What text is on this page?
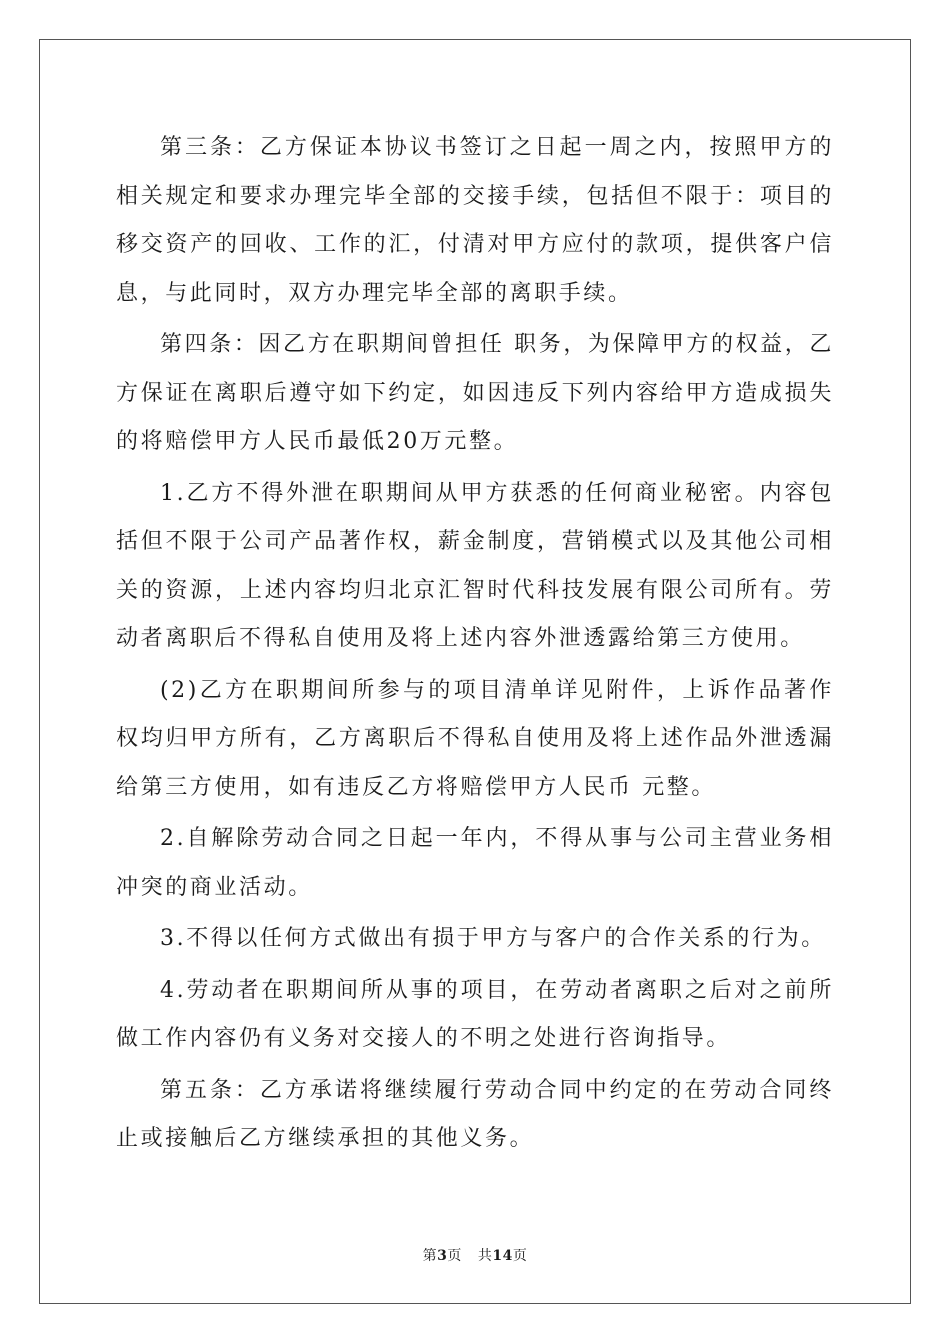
第三条：乙方保证本协议书签订之日起一周之内，按照甲方的相关规定和要求办理完毕全部的交接手续，包括但不限于：项目的移交资产的回收、工作的汇，付清对甲方应付的款项，提供客户信息，与此同时，双方办理完毕全部的离职手续。

第四条：因乙方在职期间曾担任 职务，为保障甲方的权益，乙方保证在离职后遵守如下约定，如因违反下列内容给甲方造成损失的将赔偿甲方人民币最低20万元整。

1.乙方不得外泄在职期间从甲方获悉的任何商业秘密。内容包括但不限于公司产品著作权，薪金制度，营销模式以及其他公司相关的资源，上述内容均归北京汇智时代科技发展有限公司所有。劳动者离职后不得私自使用及将上述内容外泄透露给第三方使用。

(2)乙方在职期间所参与的项目清单详见附件，上诉作品著作权均归甲方所有，乙方离职后不得私自使用及将上述作品外泄透漏给第三方使用，如有违反乙方将赔偿甲方人民币 元整。

2.自解除劳动合同之日起一年内，不得从事与公司主营业务相冲突的商业活动。

3.不得以任何方式做出有损于甲方与客户的合作关系的行为。

4.劳动者在职期间所从事的项目，在劳动者离职之后对之前所做工作内容仍有义务对交接人的不明之处进行咨询指导。

第五条：乙方承诺将继续履行劳动合同中约定的在劳动合同终止或接触后乙方继续承担的其他义务。

第3页 共14页
